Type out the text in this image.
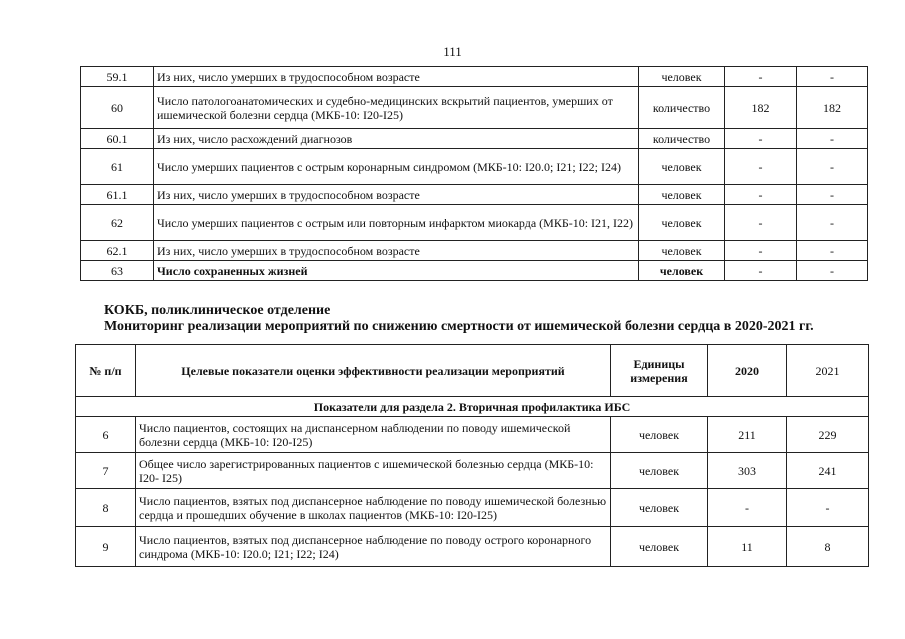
111
59.1	Из них, число умерших в трудоспособном возрасте	человек	-	-
60	Число патологоанатомических и судебно-медицинских вскрытий пациентов, умерших от ишемической болезни сердца (МКБ-10: I20-I25)	количество	182	182
60.1	Из них, число расхождений диагнозов	количество	-	-
61	Число умерших пациентов с острым коронарным синдромом (МКБ-10: I20.0; I21; I22; I24)	человек	-	-
61.1	Из них, число умерших в трудоспособном возрасте	человек	-	-
62	Число умерших пациентов с острым или повторным инфарктом миокарда (МКБ-10: I21, I22)	человек	-	-
62.1	Из них, число умерших в трудоспособном возрасте	человек	-	-
63	Число сохраненных жизней	человек	-	-
КОКБ, поликлиническое отделение
Мониторинг реализации мероприятий по снижению смертности от ишемической болезни сердца в 2020-2021 гг.
№ п/п	Целевые показатели оценки эффективности реализации мероприятий	Единицы измерения	2020	2021
Показатели для раздела 2. Вторичная профилактика ИБС				
6	Число пациентов, состоящих на диспансерном наблюдении по поводу ишемической болезни сердца (МКБ-10: I20-I25)	человек	211	229
7	Общее число зарегистрированных пациентов с ишемической болезнью сердца (МКБ-10: I20- I25)	человек	303	241
8	Число пациентов, взятых под диспансерное наблюдение по поводу ишемической болезнью сердца и прошедших обучение в школах пациентов (МКБ-10: I20-I25)	человек	-	-
9	Число пациентов, взятых под диспансерное наблюдение по поводу острого коронарного синдрома (МКБ-10: I20.0; I21; I22; I24)	человек	11	8
